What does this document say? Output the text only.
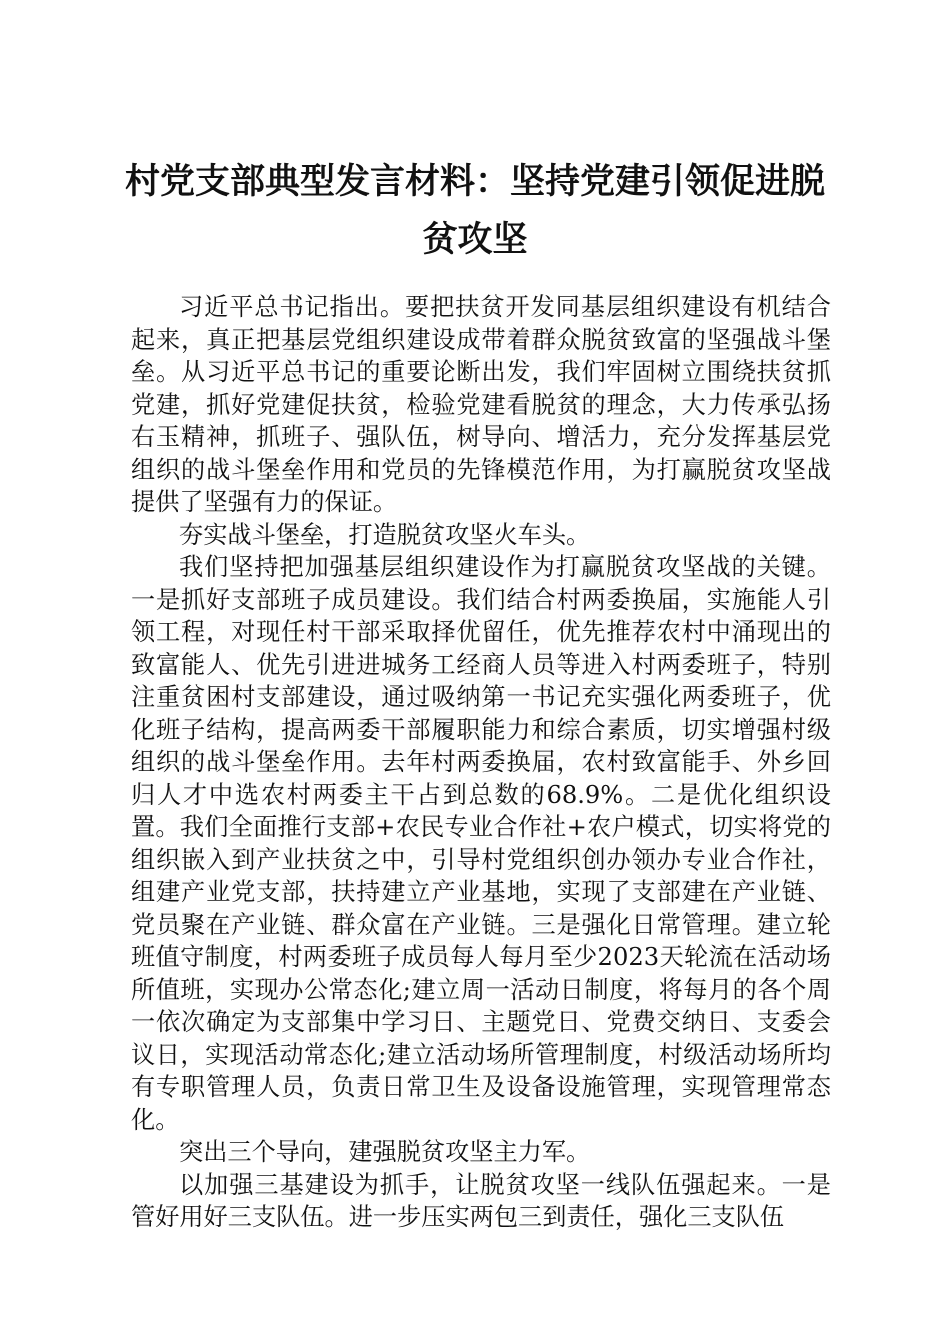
村党支部典型发言材料：坚持党建引领促进脱
贫攻坚

习近平总书记指出。要把扶贫开发同基层组织建设有机结合起来，真正把基层党组织建设成带着群众脱贫致富的坚强战斗堡垒。从习近平总书记的重要论断出发，我们牢固树立围绕扶贫抓党建，抓好党建促扶贫，检验党建看脱贫的理念，大力传承弘扬右玉精神，抓班子、强队伍，树导向、增活力，充分发挥基层党组织的战斗堡垒作用和党员的先锋模范作用，为打赢脱贫攻坚战提供了坚强有力的保证。

夯实战斗堡垒，打造脱贫攻坚火车头。

我们坚持把加强基层组织建设作为打赢脱贫攻坚战的关键。一是抓好支部班子成员建设。我们结合村两委换届，实施能人引领工程，对现任村干部采取择优留任，优先推荐农村中涌现出的致富能人、优先引进进城务工经商人员等进入村两委班子，特别注重贫困村支部建设，通过吸纳第一书记充实强化两委班子，优化班子结构，提高两委干部履职能力和综合素质，切实增强村级组织的战斗堡垒作用。去年村两委换届，农村致富能手、外乡回归人才中选农村两委主干占到总数的68.9%。二是优化组织设置。我们全面推行支部+农民专业合作社+农户模式，切实将党的组织嵌入到产业扶贫之中，引导村党组织创办领办专业合作社，组建产业党支部，扶持建立产业基地，实现了支部建在产业链、党员聚在产业链、群众富在产业链。三是强化日常管理。建立轮班值守制度，村两委班子成员每人每月至少2023天轮流在活动场所值班，实现办公常态化;建立周一活动日制度，将每月的各个周一依次确定为支部集中学习日、主题党日、党费交纳日、支委会议日，实现活动常态化;建立活动场所管理制度，村级活动场所均有专职管理人员，负责日常卫生及设备设施管理，实现管理常态化。

突出三个导向，建强脱贫攻坚主力军。

以加强三基建设为抓手，让脱贫攻坚一线队伍强起来。一是管好用好三支队伍。进一步压实两包三到责任，强化三支队伍
